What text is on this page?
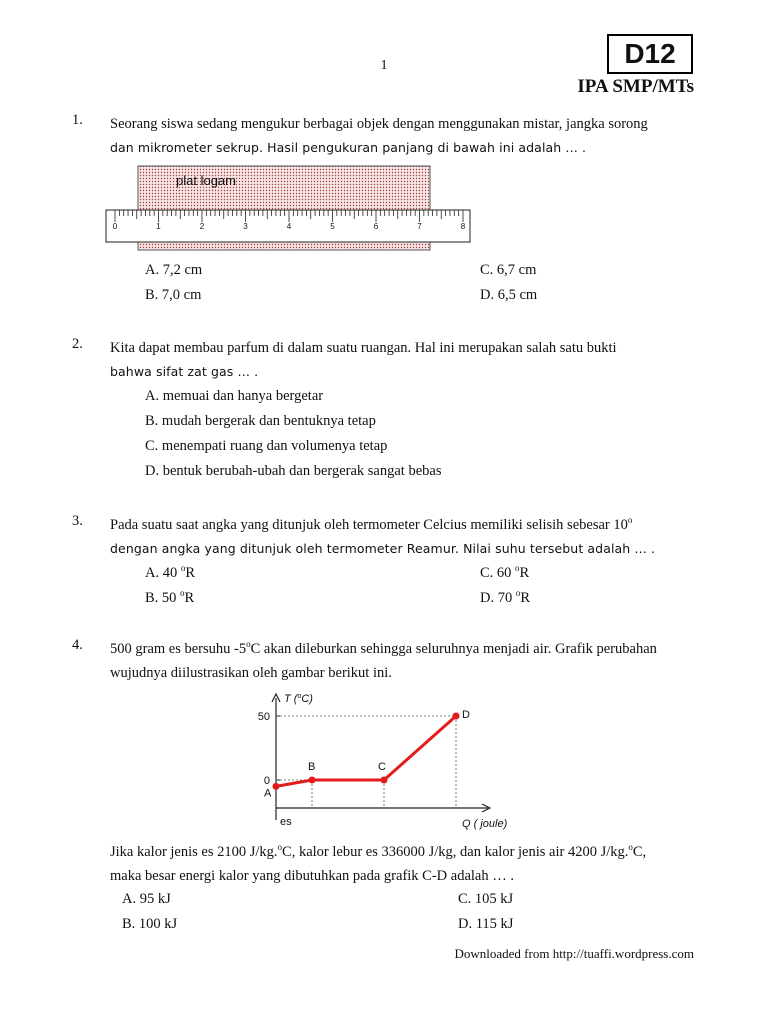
1	D12
IPA SMP/MTs
1. Seorang siswa sedang mengukur berbagai objek dengan menggunakan mistar, jangka sorong
dan mikrometer sekrup. Hasil pengukuran panjang di bawah ini adalah … .
plat logam
0	1	2	3	4	5	6	7	8
A. 7,2 cm	C. 6,7 cm
B. 7,0 cm	D. 6,5 cm
2. Kita dapat membau parfum di dalam suatu ruangan. Hal ini merupakan salah satu bukti
bahwa sifat zat gas … .
A. memuai dan hanya bergetar
B. mudah bergerak dan bentuknya tetap
C. menempati ruang dan volumenya tetap
D. bentuk berubah-ubah dan bergerak sangat bebas
3. Pada suatu saat angka yang ditunjuk oleh termometer Celcius memiliki selisih sebesar 10$^o$
dengan angka yang ditunjuk oleh termometer Reamur. Nilai suhu tersebut adalah … .
A. 40 $^o$R	C. 60 $^o$R
B. 50 $^o$R	D. 70 $^o$R
4. 500 gram es bersuhu -5$^o$C akan dileburkan sehingga seluruhnya menjadi air. Grafik perubahan
wujudnya diilustrasikan oleh gambar berikut ini.
T ($^o$C)
Q ( joule)
es
50
0
A
B	C
D
Jika kalor jenis es 2100 J/kg.$^o$C, kalor lebur es 336000 J/kg, dan kalor jenis air 4200 J/kg.$^o$C,
maka besar energi kalor yang dibutuhkan pada grafik C-D adalah … .
A. 95 kJ	C. 105 kJ
B. 100 kJ	D. 115 kJ
Downloaded from http://tuaffi.wordpress.com
